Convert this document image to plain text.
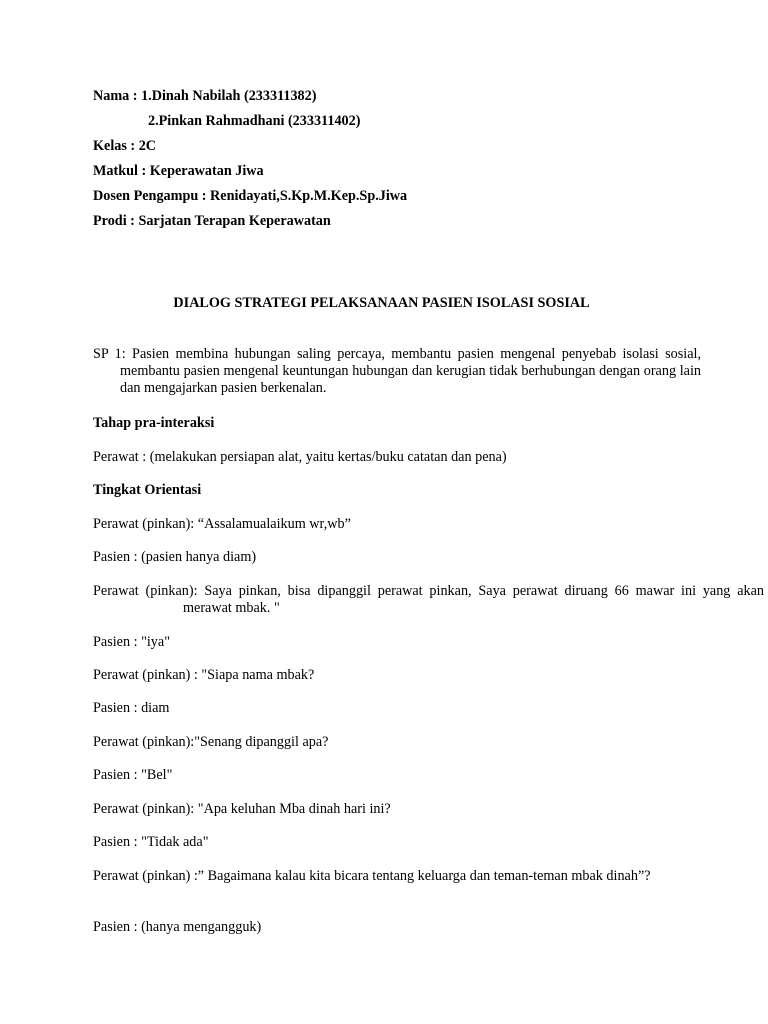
Nama : 1.Dinah Nabilah (233311382)

2.Pinkan Rahmadhani (233311402)

Kelas : 2C

Matkul : Keperawatan Jiwa

Dosen Pengampu : Renidayati,S.Kp.M.Kep.Sp.Jiwa

Prodi : Sarjatan Terapan Keperawatan

DIALOG STRATEGI PELAKSANAAN PASIEN ISOLASI SOSIAL

SP 1: Pasien membina hubungan saling percaya, membantu pasien mengenal penyebab isolasi sosial, membantu pasien mengenal keuntungan hubungan dan kerugian tidak berhubungan dengan orang lain dan mengajarkan pasien berkenalan.

Tahap pra-interaksi

Perawat : (melakukan persiapan alat, yaitu kertas/buku catatan dan pena)

Tingkat Orientasi

Perawat (pinkan): “Assalamualaikum wr,wb”

Pasien : (pasien hanya diam)

Perawat (pinkan): Saya pinkan, bisa dipanggil perawat pinkan, Saya perawat diruang 66 mawar ini yang akan merawat mbak. "

Pasien : "iya"

Perawat (pinkan) : "Siapa nama mbak?

Pasien : diam

Perawat (pinkan):"Senang dipanggil apa?

Pasien : "Bel"

Perawat (pinkan): "Apa keluhan Mba dinah hari ini?

Pasien : "Tidak ada"

Perawat (pinkan) :” Bagaimana kalau kita bicara tentang keluarga dan teman-teman mbak dinah”?

Pasien : (hanya mengangguk)
